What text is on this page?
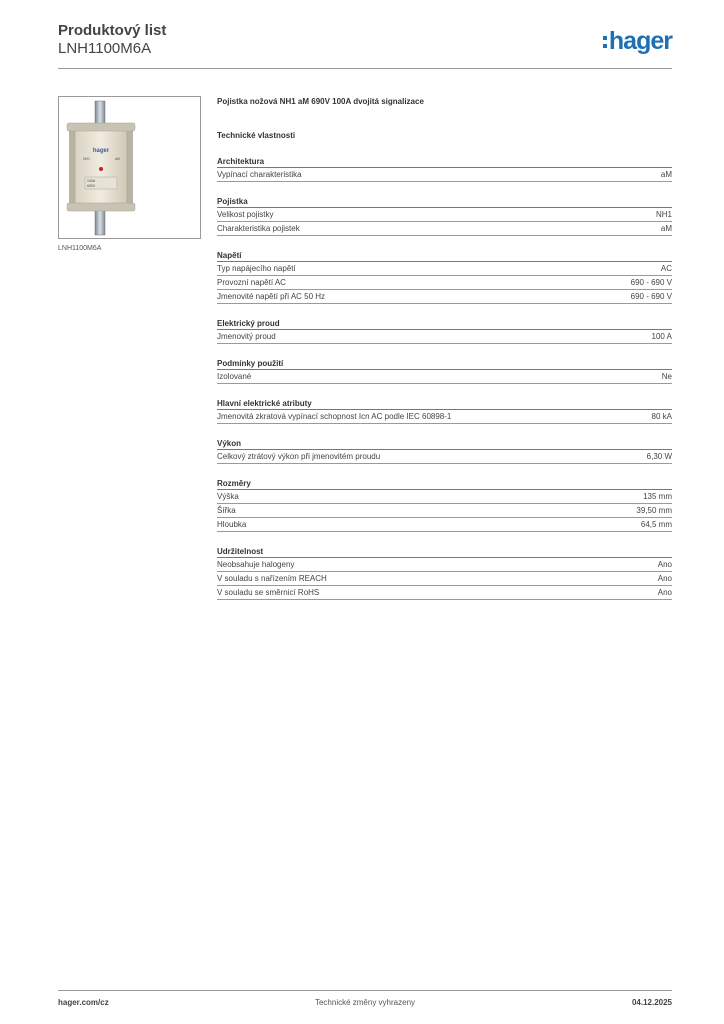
Produktový list
LNH1100M6A	hager
hager
NH1	aM
100A
690V
LNH1100M6A
Pojistka nožová NH1 aM 690V 100A dvojitá signalizace
Technické vlastnosti
Architektura
Vypínací charakteristika	aM
Pojistka
Velikost pojistky	NH1
Charakteristika pojistek	aM
Napětí
Typ napájecího napětí	AC
Provozní napětí AC	690 - 690 V
Jmenovité napětí při AC 50 Hz	690 - 690 V
Elektrický proud
Jmenovitý proud	100 A
Podmínky použití
Izolované	Ne
Hlavní elektrické atributy
Jmenovitá zkratová vypínací schopnost Icn AC podle IEC 60898-1	80 kA
Výkon
Celkový ztrátový výkon při jmenovitém proudu	6,30 W
Rozměry
Výška	135 mm
Šířka	39,50 mm
Hloubka	64,5 mm
Udržitelnost
Neobsahuje halogeny	Ano
V souladu s nařízením REACH	Ano
V souladu se směrnicí RoHS	Ano
hager.com/cz	Technické změny vyhrazeny	04.12.2025
